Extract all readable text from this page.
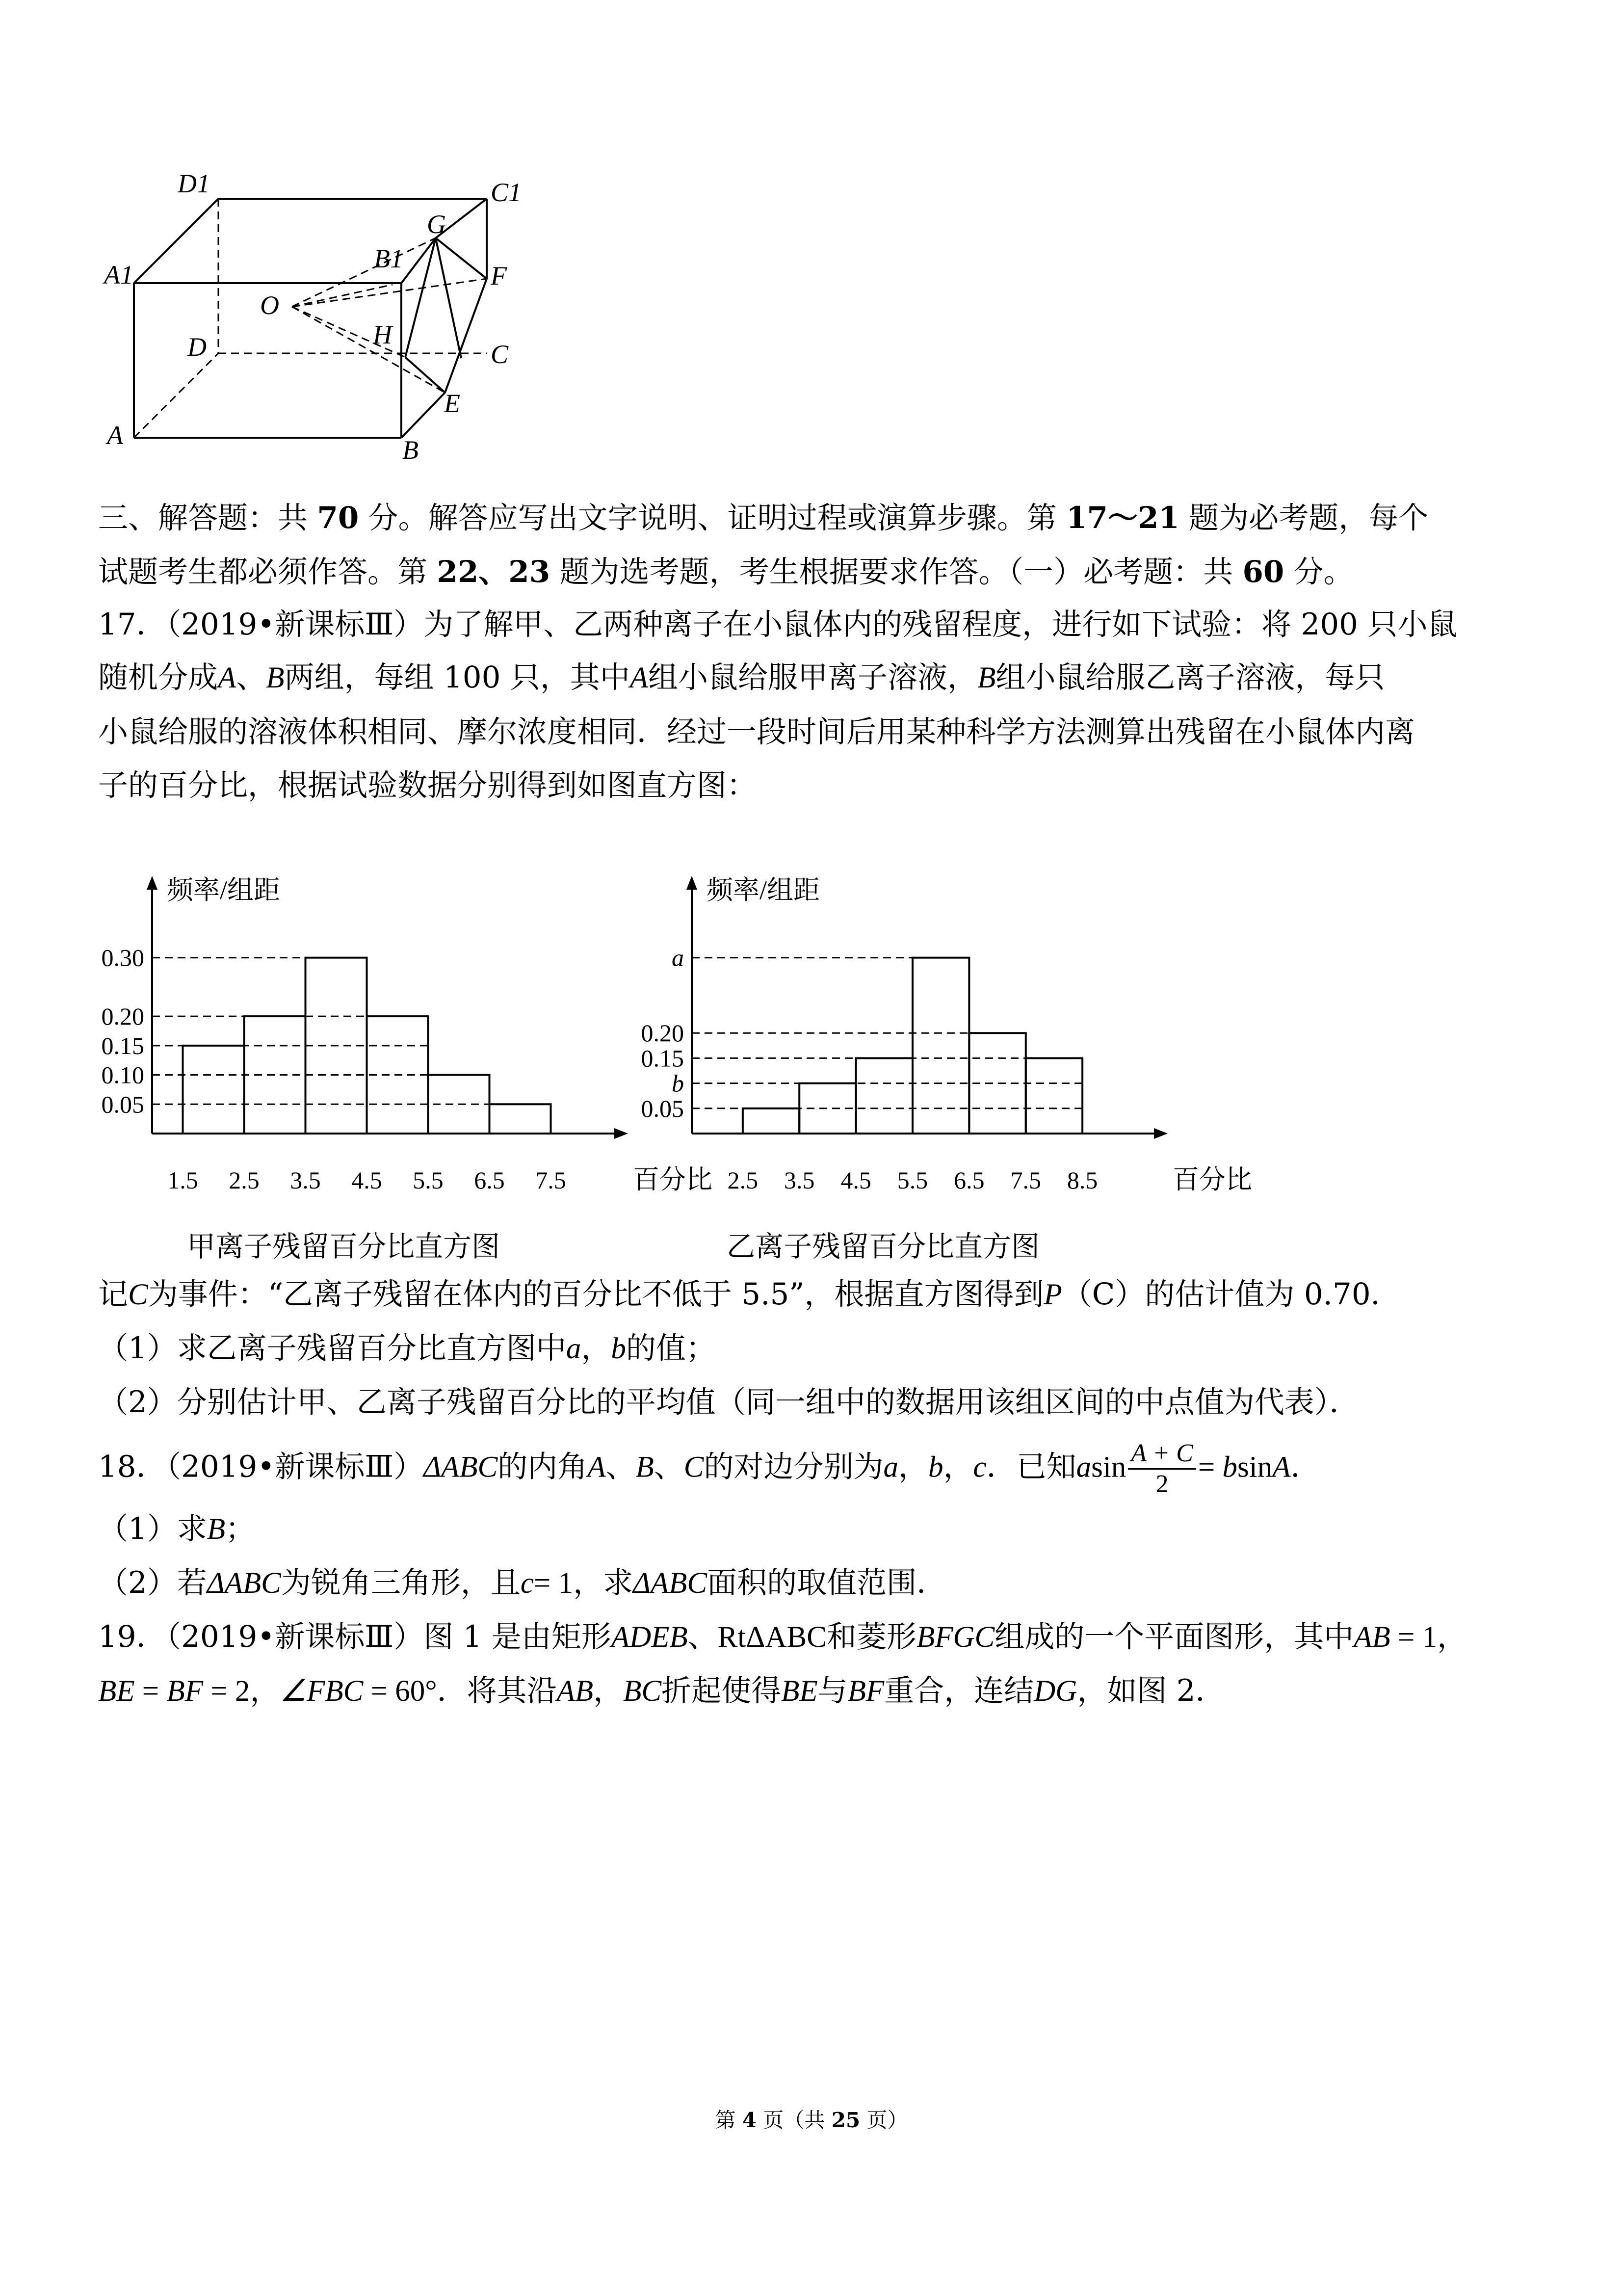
D1	C1
G
A1
B1
F
O
D	H
C
E
A	B
三、解答题：共 70 分。解答应写出文字说明、证明过程或演算步骤。第 17～21 题为必考题，每个
试题考生都必须作答。第 22、23 题为选考题，考生根据要求作答。（一）必考题：共 60 分。
17．（2019•新课标Ⅲ）为了解甲、乙两种离子在小鼠体内的残留程度，进行如下试验：将 200 只小鼠
随机分成A、B两组，每组 100 只，其中A组小鼠给服甲离子溶液，B组小鼠给服乙离子溶液，每只
小鼠给服的溶液体积相同、摩尔浓度相同．经过一段时间后用某种科学方法测算出残留在小鼠体内离
子的百分比，根据试验数据分别得到如图直方图：
频率/组距
百分比
0.05
0.10
0.15
0.20
0.30
1.5 2.5 3.5 4.5 5.5 6.5 7.5
甲离子残留百分比直方图
频率/组距
百分比
0.05
b
0.15
0.20
a
2.5 3.5 4.5 5.5 6.5 7.5 8.5
乙离子残留百分比直方图
记C为事件：“乙离子残留在体内的百分比不低于 5.5”，根据直方图得到P（C）的估计值为 0.70．
（1）求乙离子残留百分比直方图中a，b的值；
（2）分别估计甲、乙离子残留百分比的平均值（同一组中的数据用该组区间的中点值为代表）．
18．（2019•新课标Ⅲ）ΔABC的内角A、B、C的对边分别为a，b，c．已知asin $\frac{A + C}{2} = bsinA$．
（1）求B；
（2）若ΔABC为锐角三角形，且c= 1，求ΔABC面积的取值范围．
19．（2019•新课标Ⅲ）图 1 是由矩形ADEB、RtΔABC和菱形BFGC组成的一个平面图形，其中AB = 1，
BE = BF = 2，∠FBC = 60°．将其沿AB，BC折起使得BE与BF重合，连结DG，如图 2．
第 4 页（共 25 页）
